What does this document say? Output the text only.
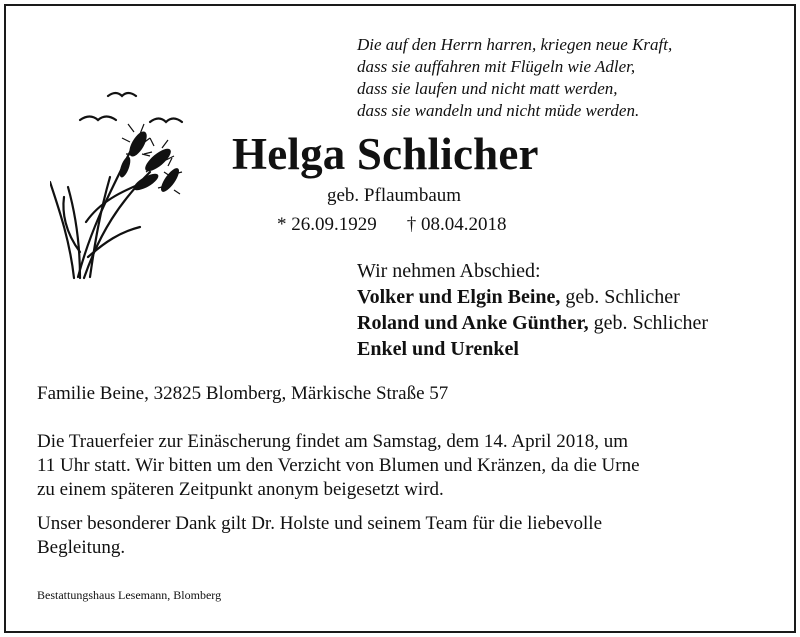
Die auf den Herrn harren, kriegen neue Kraft,
dass sie auffahren mit Flügeln wie Adler,
dass sie laufen und nicht matt werden,
dass sie wandeln und nicht müde werden.
Helga Schlicher
geb. Pflaumbaum
* 26.09.1929 † 08.04.2018
Wir nehmen Abschied:
Volker und Elgin Beine, geb. Schlicher
Roland und Anke Günther, geb. Schlicher
Enkel und Urenkel
Familie Beine, 32825 Blomberg, Märkische Straße 57
Die Trauerfeier zur Einäscherung findet am Samstag, dem 14. April 2018, um
11 Uhr statt. Wir bitten um den Verzicht von Blumen und Kränzen, da die Urne
zu einem späteren Zeitpunkt anonym beigesetzt wird.
Unser besonderer Dank gilt Dr. Holste und seinem Team für die liebevolle
Begleitung.
Bestattungshaus Lesemann, Blomberg
